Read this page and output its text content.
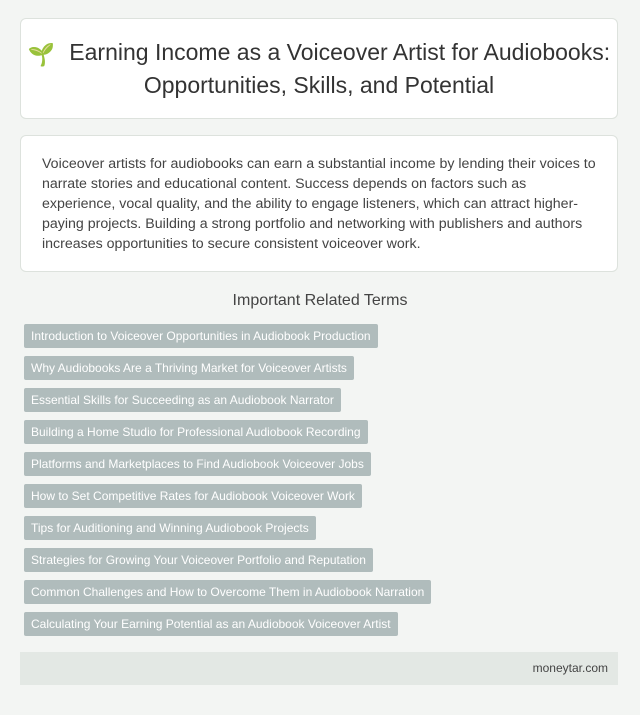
🌱 Earning Income as a Voiceover Artist for Audiobooks: Opportunities, Skills, and Potential

Voiceover artists for audiobooks can earn a substantial income by lending their voices to narrate stories and educational content. Success depends on factors such as experience, vocal quality, and the ability to engage listeners, which can attract higher-paying projects. Building a strong portfolio and networking with publishers and authors increases opportunities to secure consistent voiceover work.

Important Related Terms
Introduction to Voiceover Opportunities in Audiobook Production
Why Audiobooks Are a Thriving Market for Voiceover Artists
Essential Skills for Succeeding as an Audiobook Narrator
Building a Home Studio for Professional Audiobook Recording
Platforms and Marketplaces to Find Audiobook Voiceover Jobs
How to Set Competitive Rates for Audiobook Voiceover Work
Tips for Auditioning and Winning Audiobook Projects
Strategies for Growing Your Voiceover Portfolio and Reputation
Common Challenges and How to Overcome Them in Audiobook Narration
Calculating Your Earning Potential as an Audiobook Voiceover Artist
moneytar.com
